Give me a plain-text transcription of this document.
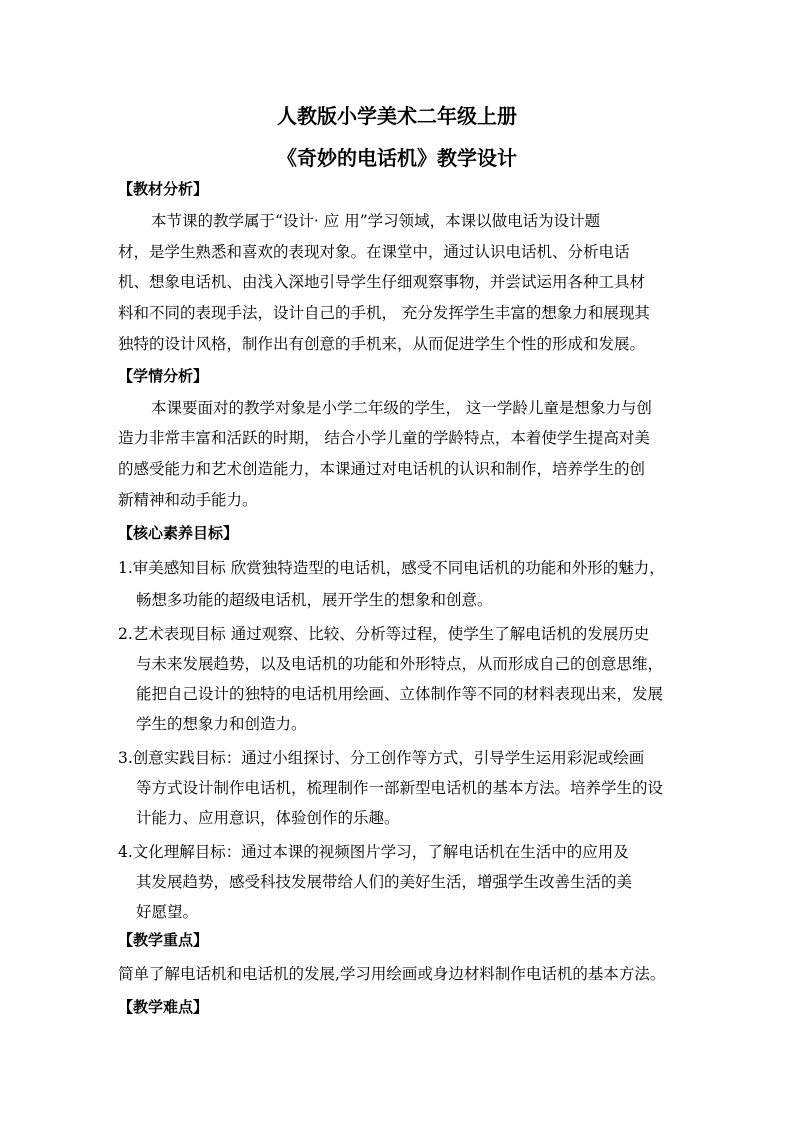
人教版小学美术二年级上册
《奇妙的电话机》教学设计
【教材分析】
本节课的教学属于“设计· 应 用”学习领域，本课以做电话为设计题
材，是学生熟悉和喜欢的表现对象。在课堂中，通过认识电话机、分析电话
机、想象电话机、由浅入深地引导学生仔细观察事物，并尝试运用各种工具材
料和不同的表现手法，设计自己的手机， 充分发挥学生丰富的想象力和展现其
独特的设计风格，制作出有创意的手机来，从而促进学生个性的形成和发展。
【学情分析】
本课要面对的教学对象是小学二年级的学生， 这一学龄儿童是想象力与创
造力非常丰富和活跃的时期， 结合小学儿童的学龄特点，本着使学生提高对美
的感受能力和艺术创造能力，本课通过对电话机的认识和制作，培养学生的创
新精神和动手能力。
【核心素养目标】
1.审美感知目标 欣赏独特造型的电话机，感受不同电话机的功能和外形的魅力，
畅想多功能的超级电话机，展开学生的想象和创意。
2.艺术表现目标 通过观察、比较、分析等过程，使学生了解电话机的发展历史
与未来发展趋势，以及电话机的功能和外形特点，从而形成自己的创意思维，
能把自己设计的独特的电话机用绘画、立体制作等不同的材料表现出来，发展
学生的想象力和创造力。
3.创意实践目标：通过小组探讨、分工创作等方式，引导学生运用彩泥或绘画
等方式设计制作电话机，梳理制作一部新型电话机的基本方法。培养学生的设
计能力、应用意识，体验创作的乐趣。
4.文化理解目标：通过本课的视频图片学习，了解电话机在生活中的应用及
其发展趋势，感受科技发展带给人们的美好生活，增强学生改善生活的美
好愿望。
【教学重点】
简单了解电话机和电话机的发展,学习用绘画或身边材料制作电话机的基本方法。
【教学难点】
